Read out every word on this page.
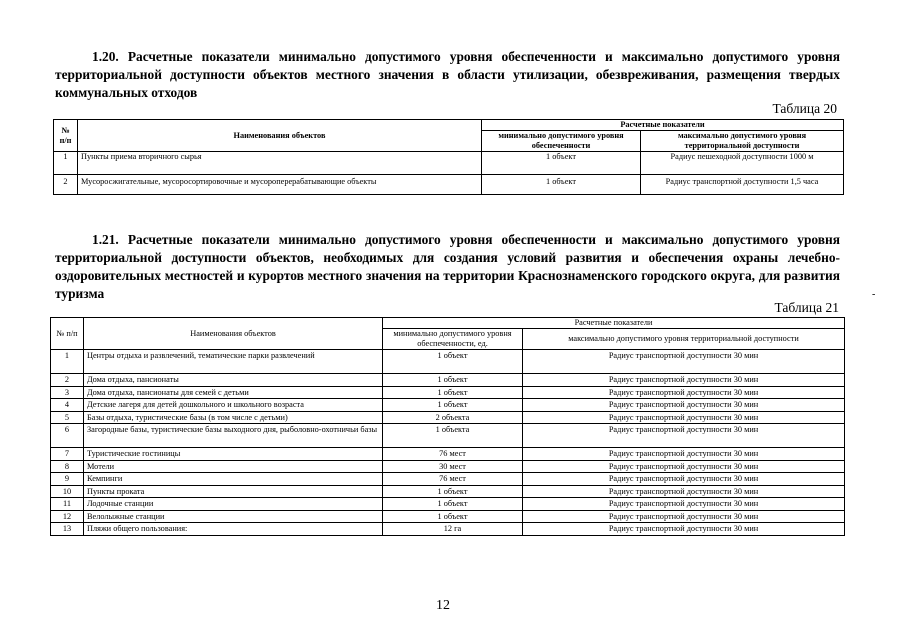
1.20. Расчетные показатели минимально допустимого уровня обеспеченности и максимально допустимого уровня территориальной доступности объектов местного значения в области утилизации, обезвреживания, размещения твердых коммунальных отходов

Таблица 20
№ п/п	Наименования объектов	Расчетные показатели	
		минимально допустимого уровня обеспеченности	максимально допустимого уровня территориальной доступности
1	Пункты приема вторичного сырья	1 объект	Радиус пешеходной доступности 1000 м
2	Мусоросжигательные, мусоросортировочные и мусороперерабатывающие объекты	1 объект	Радиус транспортной доступности 1,5 часа

1.21. Расчетные показатели минимально допустимого уровня обеспеченности и максимально допустимого уровня территориальной доступности объектов, необходимых для создания условий развития и обеспечения охраны лечебно-оздоровительных местностей и курортов местного значения на территории Краснознаменского городского округа, для развития туризма

Таблица 21
№ п/п	Наименования объектов	Расчетные показатели	
		минимально допустимого уровня обеспеченности, ед.	максимально допустимого уровня территориальной доступности
1	Центры отдыха и развлечений, тематические парки развлечений	1 объект	Радиус транспортной доступности 30 мин
2	Дома отдыха, пансионаты	1 объект	Радиус транспортной доступности 30 мин
3	Дома отдыха, пансионаты для семей с детьми	1 объект	Радиус транспортной доступности 30 мин
4	Детские лагеря для детей дошкольного и школьного возраста	1 объект	Радиус транспортной доступности 30 мин
5	Базы отдыха, туристические базы (в том числе с детьми)	2 объекта	Радиус транспортной доступности 30 мин
6	Загородные базы, туристические базы выходного дня, рыболовно-охотничьи базы	1 объекта	Радиус транспортной доступности 30 мин
7	Туристические гостиницы	76 мест	Радиус транспортной доступности 30 мин
8	Мотели	30 мест	Радиус транспортной доступности 30 мин
9	Кемпинги	76 мест	Радиус транспортной доступности 30 мин
10	Пункты проката	1 объект	Радиус транспортной доступности 30 мин
11	Лодочные станции	1 объект	Радиус транспортной доступности 30 мин
12	Велолыжные станции	1 объект	Радиус транспортной доступности 30 мин
13	Пляжи общего пользования:	12 га	Радиус транспортной доступности 30 мин
12
-
